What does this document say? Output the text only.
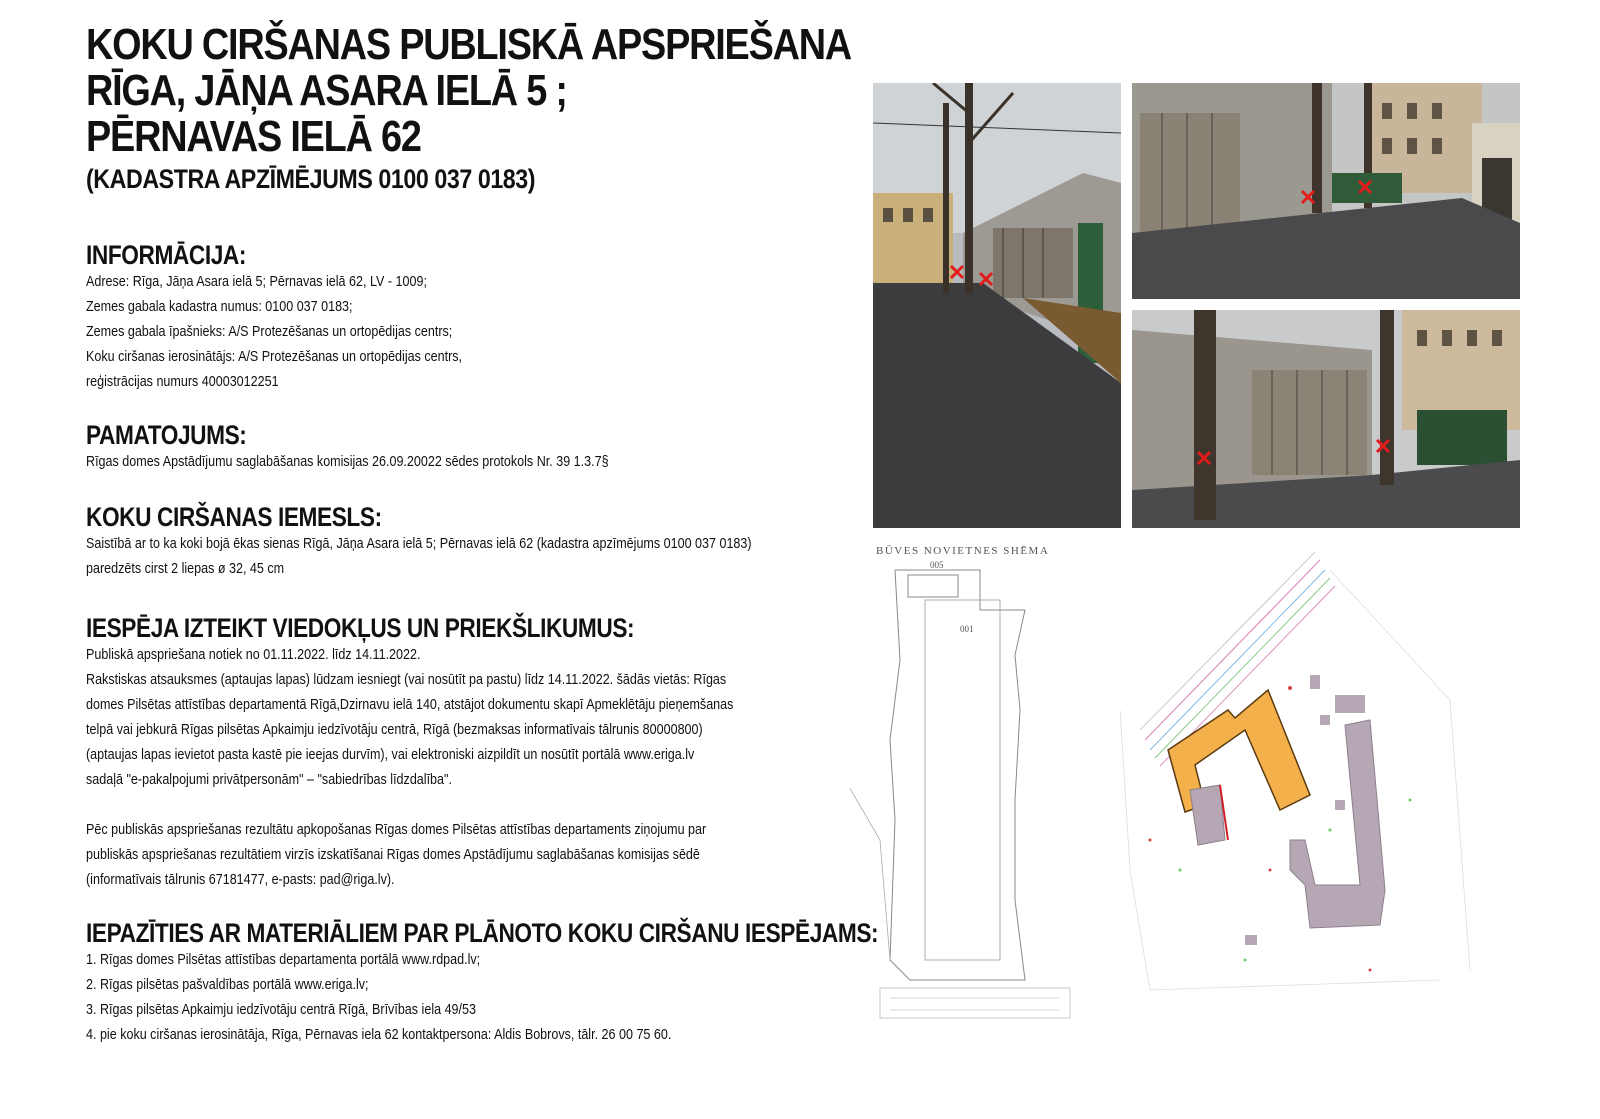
KOKU CIRŠANAS PUBLISKĀ APSPRIEŠANA
RĪGA, JĀŅA ASARA IELĀ 5 ;
PĒRNAVAS IELĀ 62
(KADASTRA APZĪMĒJUMS 0100 037 0183)
INFORMĀCIJA:
Adrese: Rīga, Jāņa Asara ielā 5; Pērnavas ielā 62, LV - 1009;
Zemes gabala kadastra numus: 0100 037 0183;
Zemes gabala īpašnieks: A/S Protezēšanas un ortopēdijas centrs;
Koku ciršanas ierosinātājs: A/S Protezēšanas un ortopēdijas centrs,
reģistrācijas numurs 40003012251
PAMATOJUMS:
Rīgas domes Apstādījumu saglabāšanas komisijas 26.09.20022 sēdes protokols Nr. 39 1.3.7§
KOKU CIRŠANAS IEMESLS:
Saistībā ar to ka koki bojā ēkas sienas Rīgā, Jāņa Asara ielā 5; Pērnavas ielā 62 (kadastra apzīmējums 0100 037 0183)
paredzēts cirst 2 liepas ø 32, 45 cm
IESPĒJA IZTEIKT VIEDOKĻUS UN PRIEKŠLIKUMUS:
Publiskā apspriešana notiek no 01.11.2022. līdz 14.11.2022.
Rakstiskas atsauksmes (aptaujas lapas) lūdzam iesniegt (vai nosūtīt pa pastu) līdz 14.11.2022. šādās vietās: Rīgas
domes Pilsētas attīstības departamentā Rīgā,Dzirnavu ielā 140, atstājot dokumentu skapī Apmeklētāju pieņemšanas
telpā vai jebkurā Rīgas pilsētas Apkaimju iedzīvotāju centrā, Rīgā (bezmaksas informatīvais tālrunis 80000800)
(aptaujas lapas ievietot pasta kastē pie ieejas durvīm), vai elektroniski aizpildīt un nosūtīt portālā www.eriga.lv
sadaļā "e-pakalpojumi privātpersonām" – "sabiedrības līdzdalība".
Pēc publiskās apspriešanas rezultātu apkopošanas Rīgas domes Pilsētas attīstības departaments ziņojumu par
publiskās apspriešanas rezultātiem virzīs izskatīšanai Rīgas domes Apstādījumu saglabāšanas komisijas sēdē
(informatīvais tālrunis 67181477, e-pasts: pad@riga.lv).
IEPAZĪTIES AR MATERIĀLIEM PAR PLĀNOTO KOKU CIRŠANU IESPĒJAMS:
1. Rīgas domes Pilsētas attīstības departamenta portālā www.rdpad.lv;
2. Rīgas pilsētas pašvaldības portālā www.eriga.lv;
3. Rīgas pilsētas Apkaimju iedzīvotāju centrā Rīgā, Brīvības iela 49/53
4. pie koku ciršanas ierosinātāja, Rīga, Pērnavas iela 62 kontaktpersona: Aldis Bobrovs, tālr. 26 00 75 60.
BŪVES NOVIETNES SHĒMA
005
001
